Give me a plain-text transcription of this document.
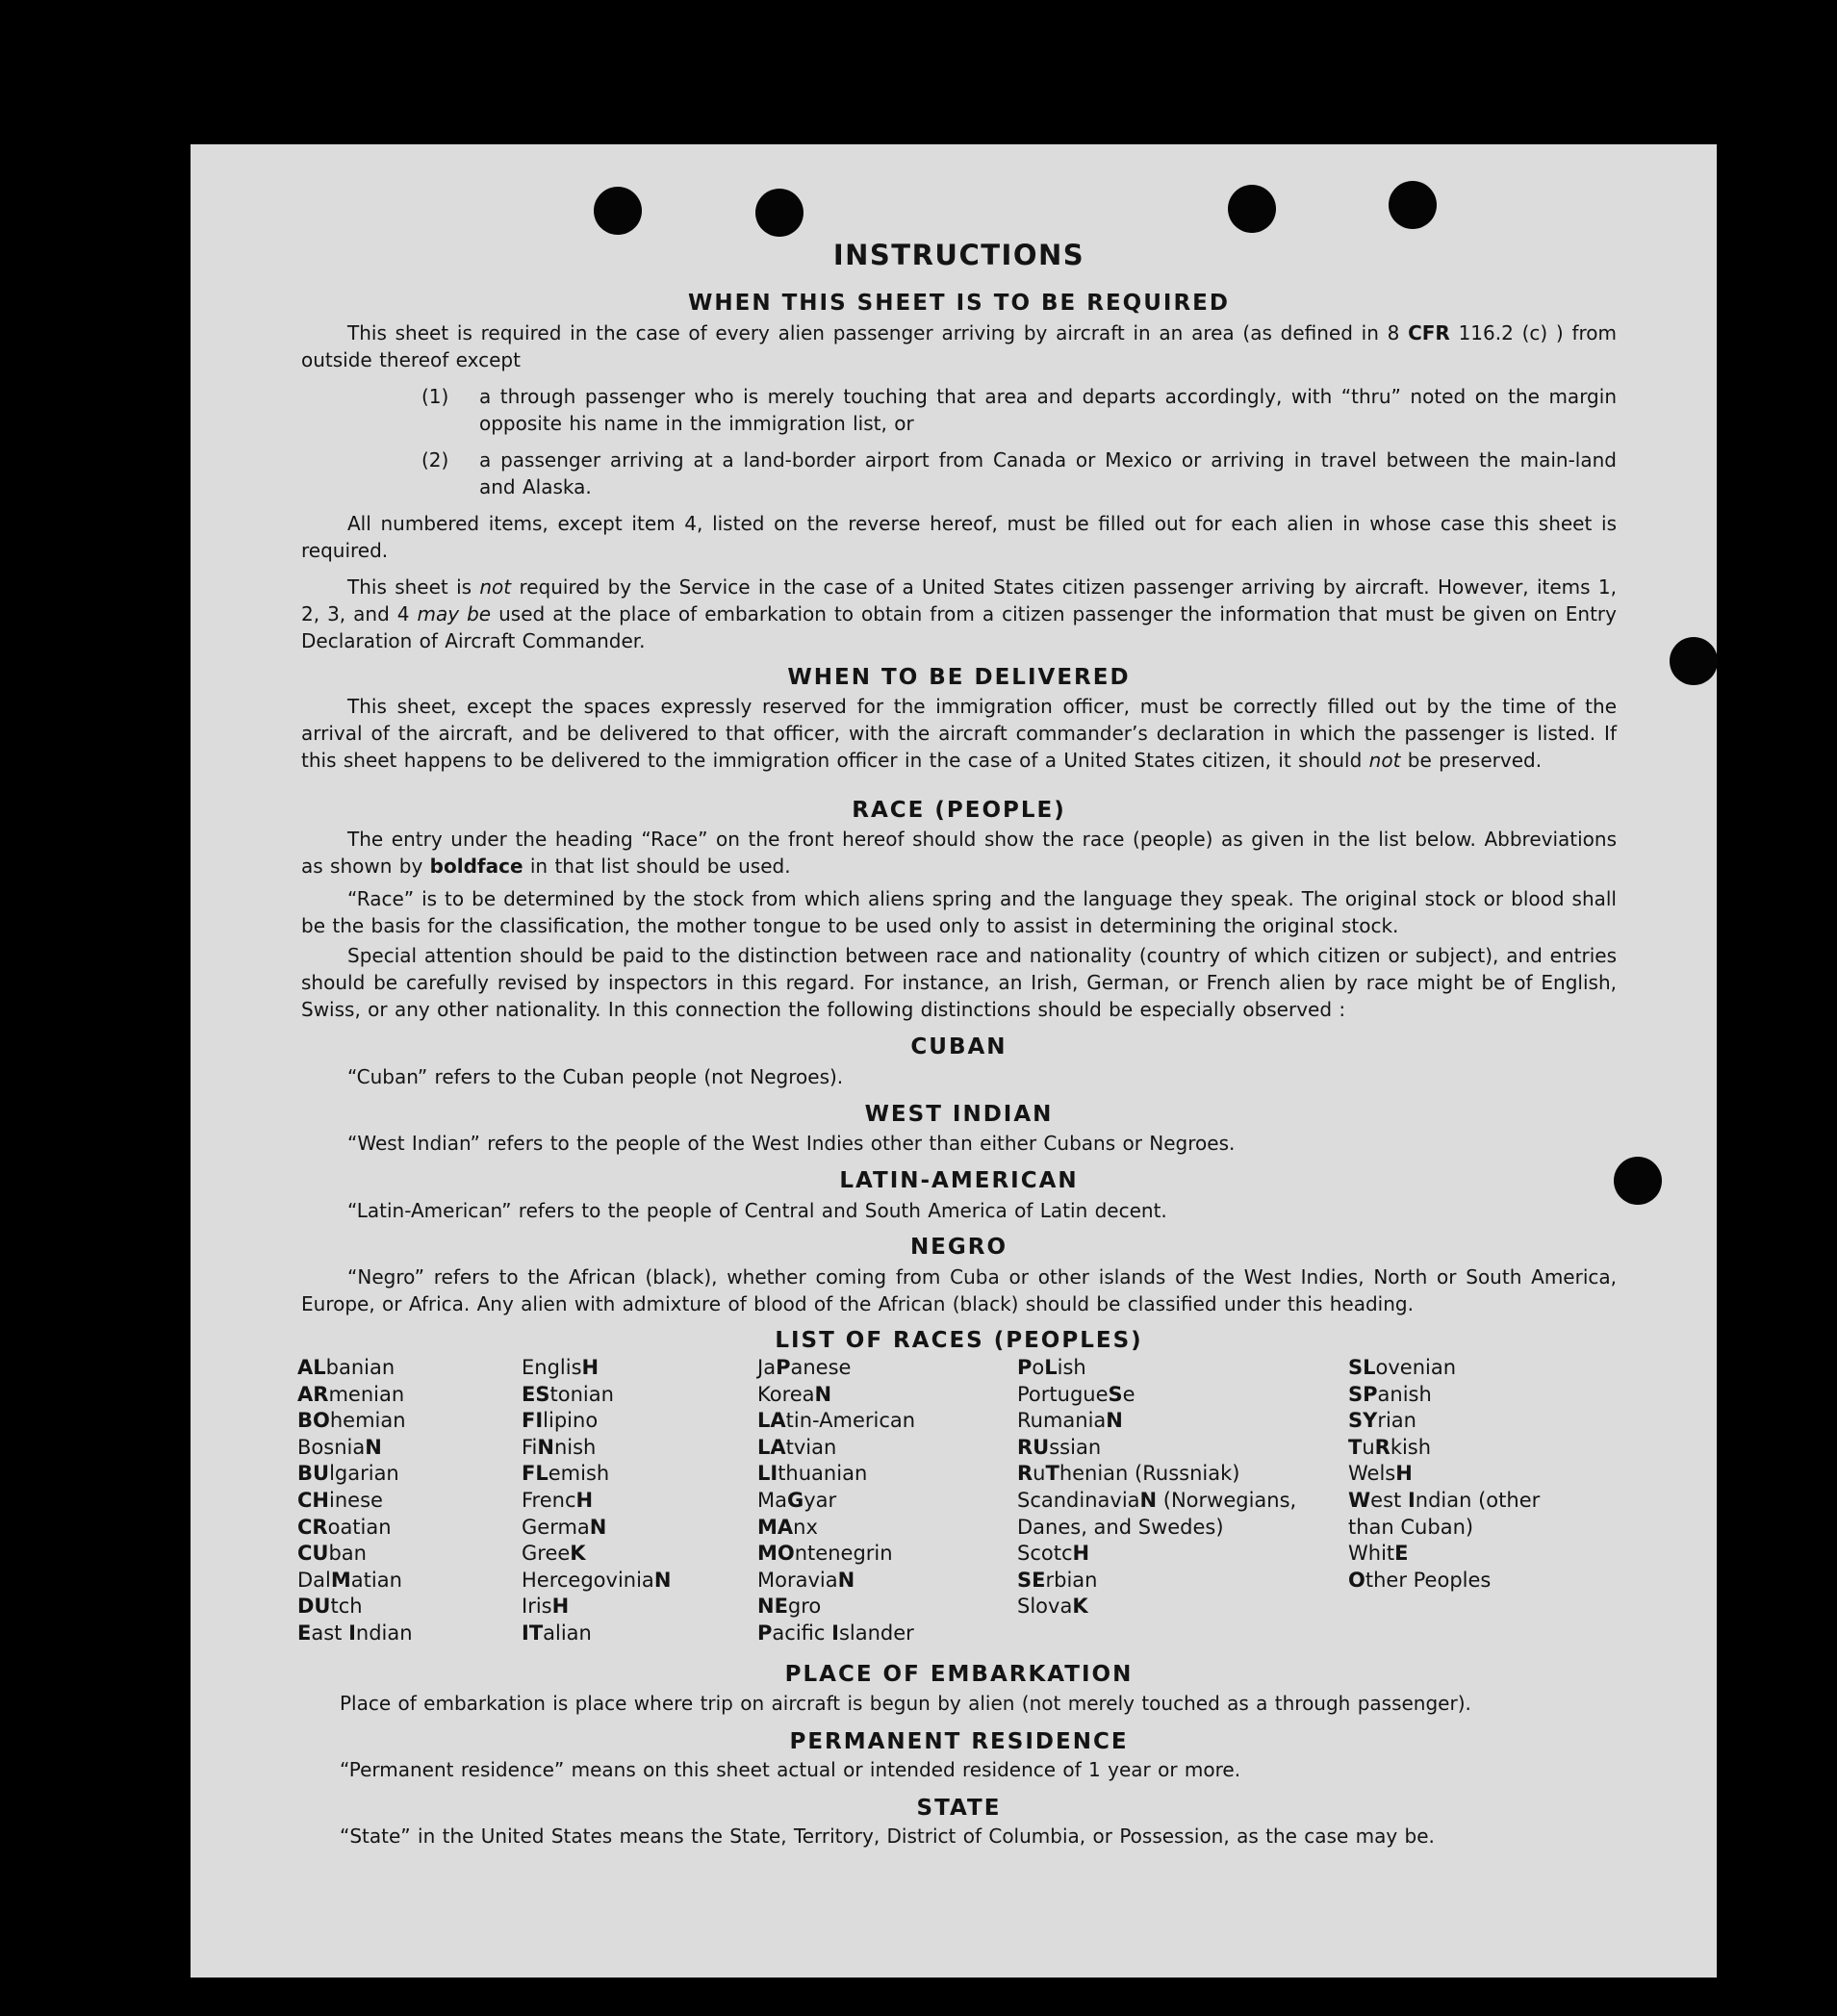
INSTRUCTIONS
WHEN THIS SHEET IS TO BE REQUIRED

This sheet is required in the case of every alien passenger arriving by aircraft in an area (as defined in 8 CFR 116.2 (c) ) from outside thereof except

(1) a through passenger who is merely touching that area and departs accordingly, with “thru” noted on the margin opposite his name in the immigration list, or
(2) a passenger arriving at a land-border airport from Canada or Mexico or arriving in travel between the main-land and Alaska.

All numbered items, except item 4, listed on the reverse hereof, must be filled out for each alien in whose case this sheet is required.

This sheet is not required by the Service in the case of a United States citizen passenger arriving by aircraft. However, items 1, 2, 3, and 4 may be used at the place of embarkation to obtain from a citizen passenger the information that must be given on Entry Declaration of Aircraft Commander.

WHEN TO BE DELIVERED

This sheet, except the spaces expressly reserved for the immigration officer, must be correctly filled out by the time of the arrival of the aircraft, and be delivered to that officer, with the aircraft commander’s declaration in which the passenger is listed. If this sheet happens to be delivered to the immigration officer in the case of a United States citizen, it should not be preserved.

RACE (PEOPLE)

The entry under the heading “Race” on the front hereof should show the race (people) as given in the list below. Abbreviations as shown by boldface in that list should be used.

“Race” is to be determined by the stock from which aliens spring and the language they speak. The original stock or blood shall be the basis for the classification, the mother tongue to be used only to assist in determining the original stock.

Special attention should be paid to the distinction between race and nationality (country of which citizen or subject), and entries should be carefully revised by inspectors in this regard. For instance, an Irish, German, or French alien by race might be of English, Swiss, or any other nationality. In this connection the following distinctions should be especially observed :

CUBAN

“Cuban” refers to the Cuban people (not Negroes).

WEST INDIAN

“West Indian” refers to the people of the West Indies other than either Cubans or Negroes.

LATIN-AMERICAN

“Latin-American” refers to the people of Central and South America of Latin decent.

NEGRO

“Negro” refers to the African (black), whether coming from Cuba or other islands of the West Indies, North or South America, Europe, or Africa. Any alien with admixture of blood of the African (black) should be classified under this heading.

LIST OF RACES (PEOPLES)
ALbanian
ARmenian
BOhemian
BosniaN
BUlgarian
CHinese
CRoatian
CUban
DalMatian
DUtch
East Indian
EnglisH
EStonian
FIlipino
FiNnish
FLemish
FrencH
GermaN
GreeK
HercegoviniaN
IrisH
ITalian
JaPanese
KoreaN
LAtin-American
LAtvian
LIthuanian
MaGyar
MAnx
MOntenegrin
MoraviaN
NEgro
Pacific Islander
PoLish
PortugueSe
RumaniaN
RUssian
RuThenian (Russniak)
ScandinaviaN (Norwegians, Danes, and Swedes)
ScotcH
SErbian
SlovaK
SLovenian
SPanish
SYrian
TuRkish
WelsH
West Indian (other than Cuban)
WhitE
Other Peoples
PLACE OF EMBARKATION

Place of embarkation is place where trip on aircraft is begun by alien (not merely touched as a through passenger).

PERMANENT RESIDENCE

“Permanent residence” means on this sheet actual or intended residence of 1 year or more.

STATE

“State” in the United States means the State, Territory, District of Columbia, or Possession, as the case may be.
